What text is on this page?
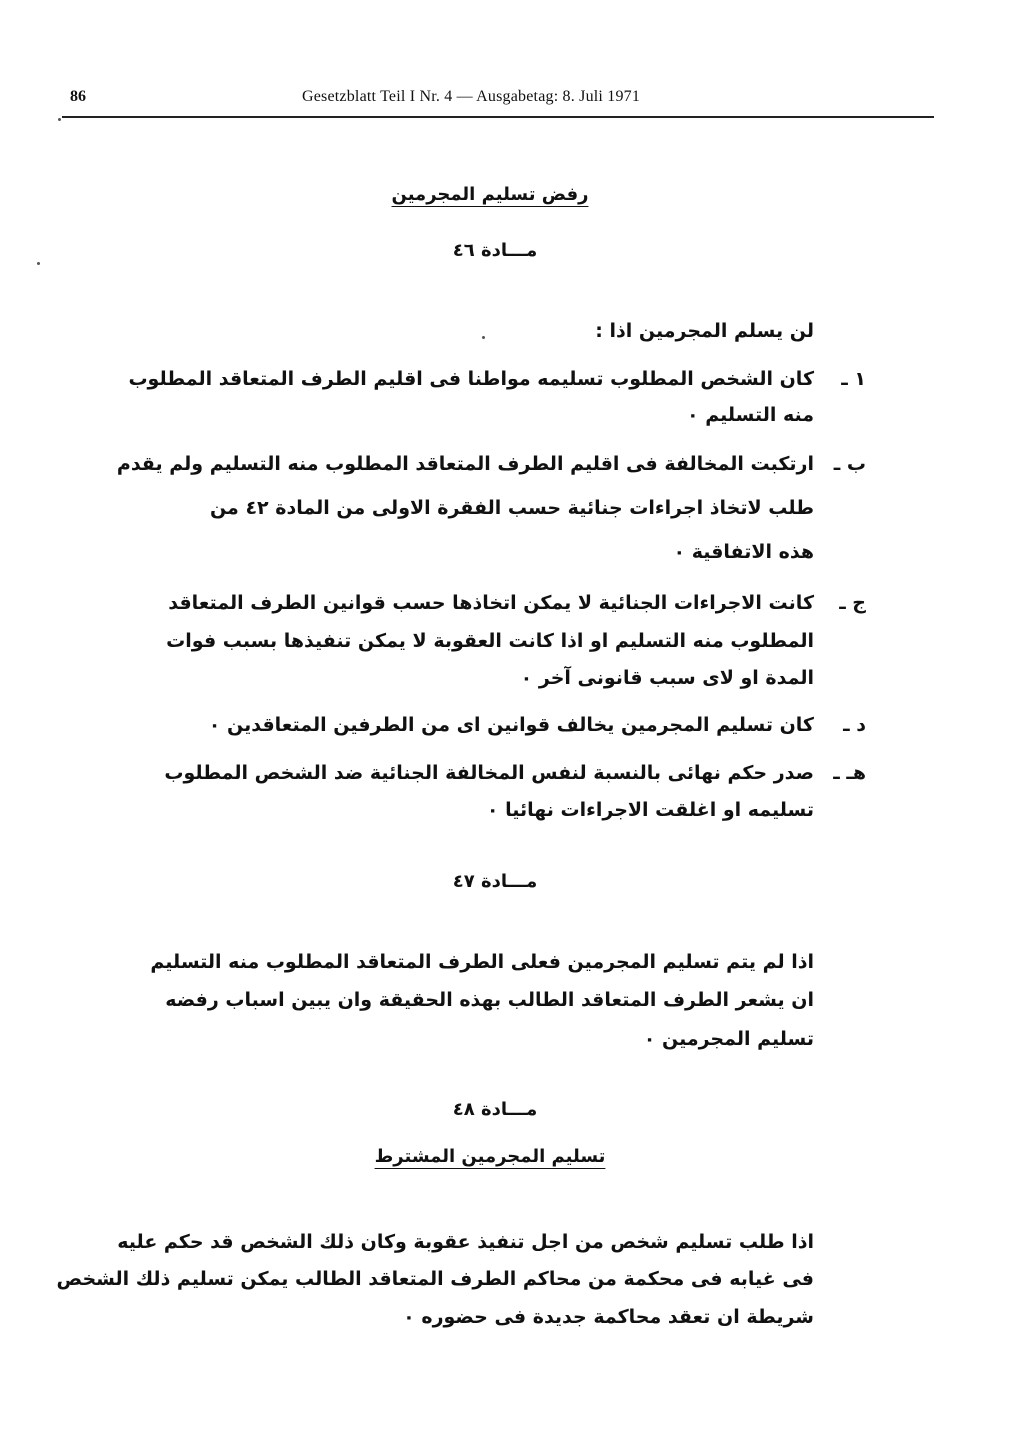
86	Gesetzblatt Teil I Nr. 4 — Ausgabetag: 8. Juli 1971
رفض تسليم المجرمين
مـــادة ٤٦
لن يسلم المجرمين اذا :
١ ـ
كان الشخص المطلوب تسليمه مواطنا فى اقليم الطرف المتعاقد المطلوب
منه التسليم ٠
ب ـ
ارتكبت المخالفة فى اقليم الطرف المتعاقد المطلوب منه التسليم ولم يقدم
طلب لاتخاذ اجراءات جنائية حسب الفقرة الاولى من المادة ٤٢ من
هذه الاتفاقية ٠
ج ـ
كانت الاجراءات الجنائية لا يمكن اتخاذها حسب قوانين الطرف المتعاقد
المطلوب منه التسليم او اذا كانت العقوبة لا يمكن تنفيذها بسبب فوات
المدة او لاى سبب قانونى آخر ٠
د ـ
كان تسليم المجرمين يخالف قوانين اى من الطرفين المتعاقدين ٠
هـ ـ
صدر حكم نهائى بالنسبة لنفس المخالفة الجنائية ضد الشخص المطلوب
تسليمه او اغلقت الاجراءات نهائيا ٠
مـــادة ٤٧
اذا لم يتم تسليم المجرمين فعلى الطرف المتعاقد المطلوب منه التسليم
ان يشعر الطرف المتعاقد الطالب بهذه الحقيقة وان يبين اسباب رفضه
تسليم المجرمين ٠
مـــادة ٤٨
تسليم المجرمين المشترط
اذا طلب تسليم شخص من اجل تنفيذ عقوبة وكان ذلك الشخص قد حكم عليه
فى غيابه فى محكمة من محاكم الطرف المتعاقد الطالب يمكن تسليم ذلك الشخص
شريطة ان تعقد محاكمة جديدة فى حضوره ٠
